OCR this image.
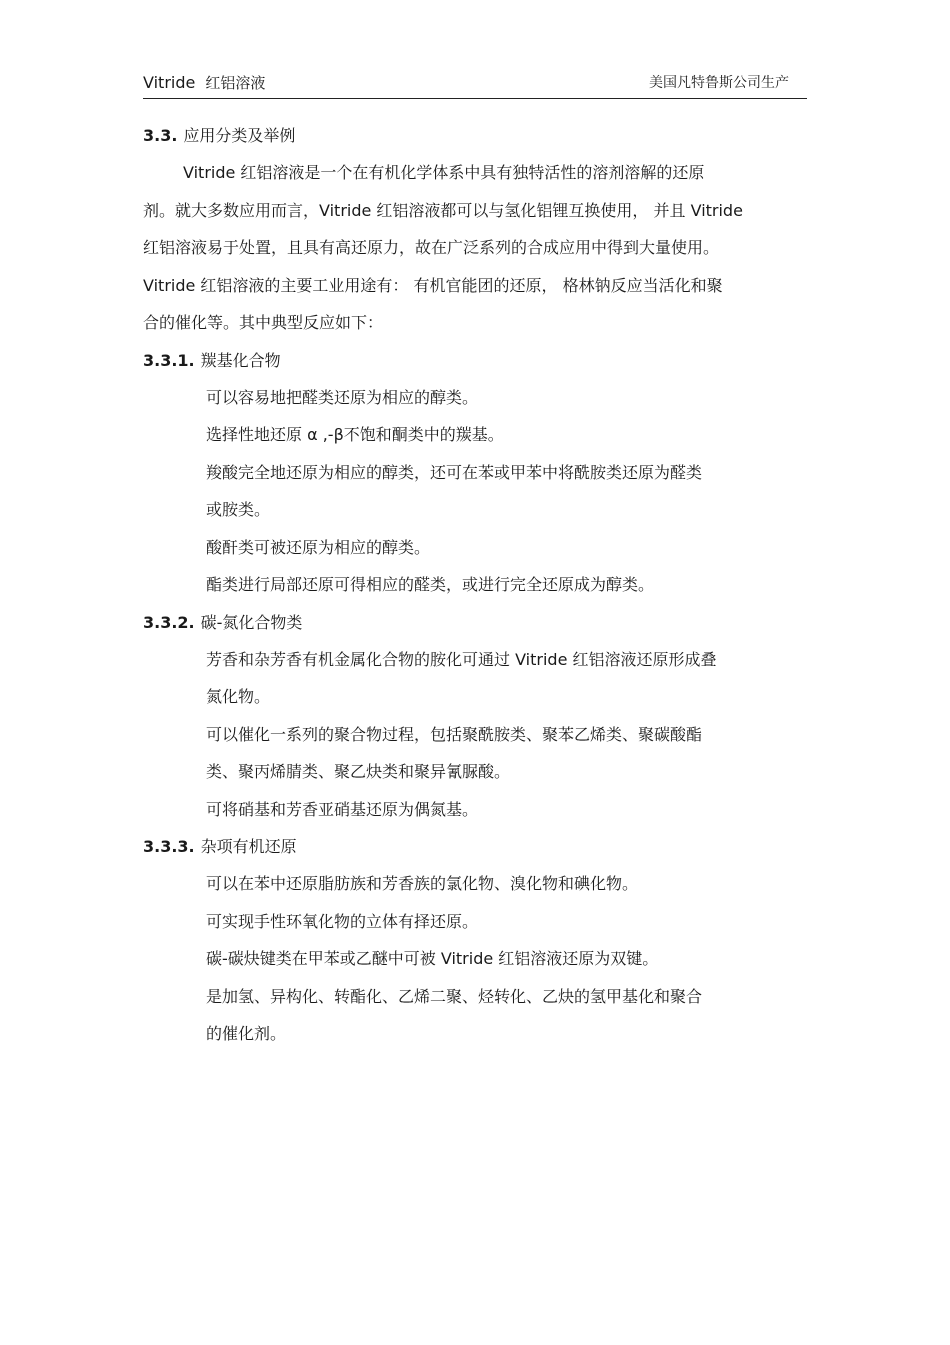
Vitride 红铝溶液	美国凡特鲁斯公司生产
3.3. 应用分类及举例
Vitride 红铝溶液是一个在有机化学体系中具有独特活性的溶剂溶解的还原
剂。就大多数应用而言，Vitride 红铝溶液都可以与氢化铝锂互换使用， 并且 Vitride
红铝溶液易于处置，且具有高还原力，故在广泛系列的合成应用中得到大量使用。
Vitride 红铝溶液的主要工业用途有： 有机官能团的还原， 格林钠反应当活化和聚
合的催化等。其中典型反应如下：
3.3.1. 羰基化合物
可以容易地把醛类还原为相应的醇类。
选择性地还原 α ,-β不饱和酮类中的羰基。
羧酸完全地还原为相应的醇类，还可在苯或甲苯中将酰胺类还原为醛类
或胺类。
酸酐类可被还原为相应的醇类。
酯类进行局部还原可得相应的醛类，或进行完全还原成为醇类。
3.3.2. 碳-氮化合物类
芳香和杂芳香有机金属化合物的胺化可通过 Vitride 红铝溶液还原形成叠
氮化物。
可以催化一系列的聚合物过程，包括聚酰胺类、聚苯乙烯类、聚碳酸酯
类、聚丙烯腈类、聚乙炔类和聚异氰脲酸。
可将硝基和芳香亚硝基还原为偶氮基。
3.3.3. 杂项有机还原
可以在苯中还原脂肪族和芳香族的氯化物、溴化物和碘化物。
可实现手性环氧化物的立体有择还原。
碳-碳炔键类在甲苯或乙醚中可被 Vitride 红铝溶液还原为双键。
是加氢、异构化、转酯化、乙烯二聚、烃转化、乙炔的氢甲基化和聚合
的催化剂。
